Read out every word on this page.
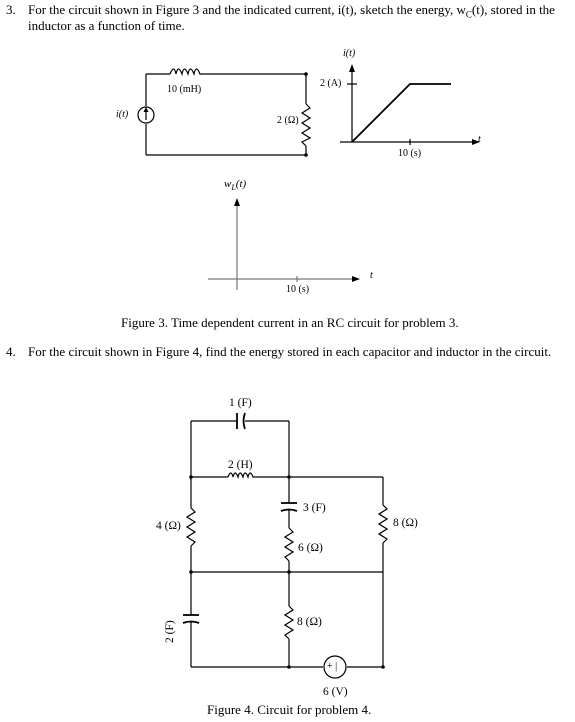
3. For the circuit shown in Figure 3 and the indicated current, i(t), sketch the energy, $w_C(t)$, stored in the
inductor as a function of time.
i(t)
10 (mH)
2 (Ω)
i(t)
2 (A)
t
10 (s)
$w_L(t)$
t
10 (s)
Figure 3. Time dependent current in an RC circuit for problem 3.
4. For the circuit shown in Figure 4, find the energy stored in each capacitor and inductor in the circuit.
1 (F)
2 (H)
3 (F)
4 (Ω)
6 (Ω)
8 (Ω)
2 (F)	8 (Ω)
+ |
6 (V)
Figure 4. Circuit for problem 4.
